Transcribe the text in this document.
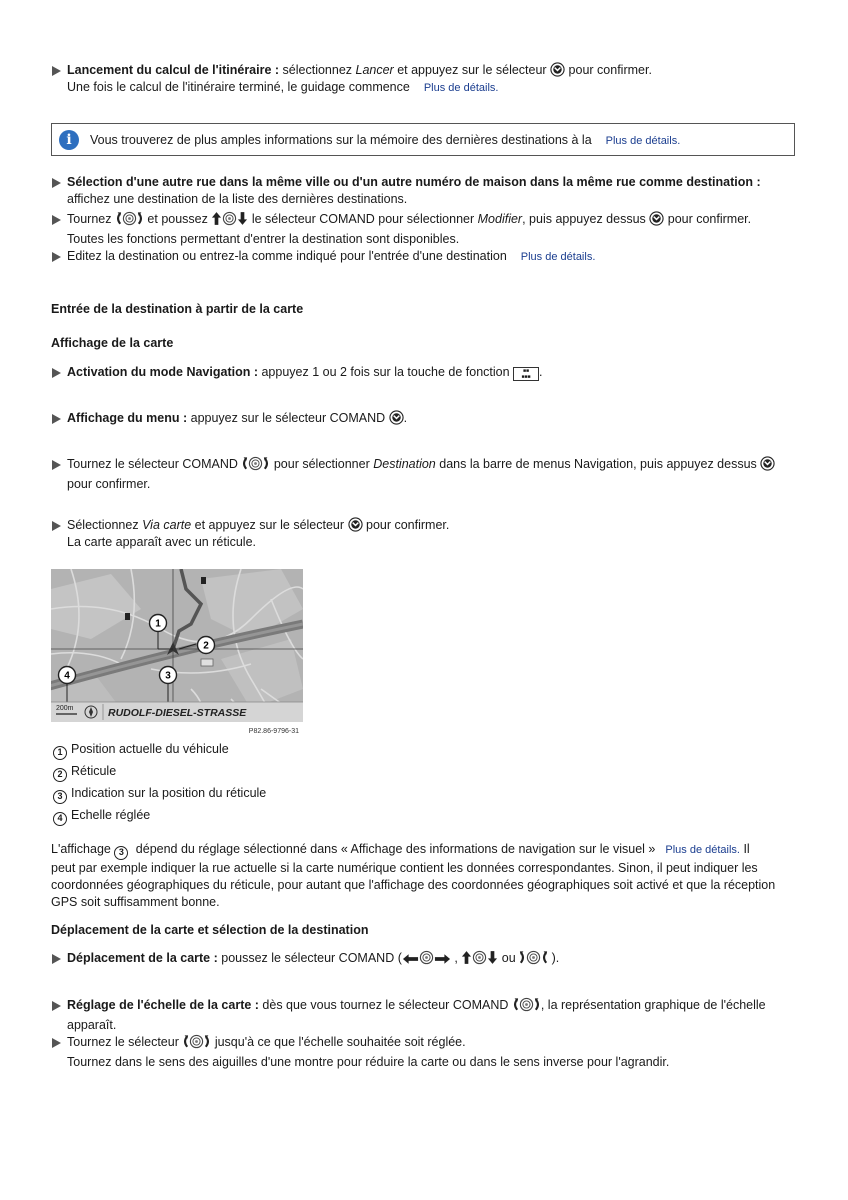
Lancement du calcul de l'itinéraire : sélectionnez Lancer et appuyez sur le sélecteur  pour confirmer.
Une fois le calcul de l'itinéraire terminé, le guidage commence Plus de détails.
i	Vous trouverez de plus amples informations sur la mémoire des dernières destinations à la Plus de détails.
Sélection d'une autre rue dans la même ville ou d'un autre numéro de maison dans la même rue comme destination :
affichez une destination de la liste des dernières destinations.
Tournez  et poussez	le sélecteur COMAND pour sélectionner Modifier, puis appuyez dessus  pour confirmer.
Toutes les fonctions permettant d'entrer la destination sont disponibles.
Editez la destination ou entrez-la comme indiqué pour l'entrée d'une destination Plus de détails.
Entrée de la destination à partir de la carte
Affichage de la carte
Activation du mode Navigation : appuyez 1 ou 2 fois sur la touche de fonction ■■
■■■ .
Affichage du menu : appuyez sur le sélecteur COMAND .
Tournez le sélecteur COMAND  pour sélectionner Destination dans la barre de menus Navigation, puis appuyez dessus
pour confirmer.
Sélectionnez Via carte et appuyez sur le sélecteur  pour confirmer.
La carte apparaît avec un réticule.
1
2
3
4
200m	RUDOLF-DIESEL-STRASSE
P82.86-9796-31
1 Position actuelle du véhicule
2 Réticule
3 Indication sur la position du réticule
4 Echelle réglée
L'affichage 3 dépend du réglage sélectionné dans « Affichage des informations de navigation sur le visuel » Plus de détails. Il
peut par exemple indiquer la rue actuelle si la carte numérique contient les données correspondantes. Sinon, il peut indiquer les
coordonnées géographiques du réticule, pour autant que l'affichage des coordonnées géographiques soit activé et que la réception
GPS soit suffisamment bonne.
Déplacement de la carte et sélection de la destination
Déplacement de la carte : poussez le sélecteur COMAND (	,	ou  ).
Réglage de l'échelle de la carte : dès que vous tournez le sélecteur COMAND , la représentation graphique de l'échelle
apparaît.
Tournez le sélecteur  jusqu'à ce que l'échelle souhaitée soit réglée.
Tournez dans le sens des aiguilles d'une montre pour réduire la carte ou dans le sens inverse pour l'agrandir.
